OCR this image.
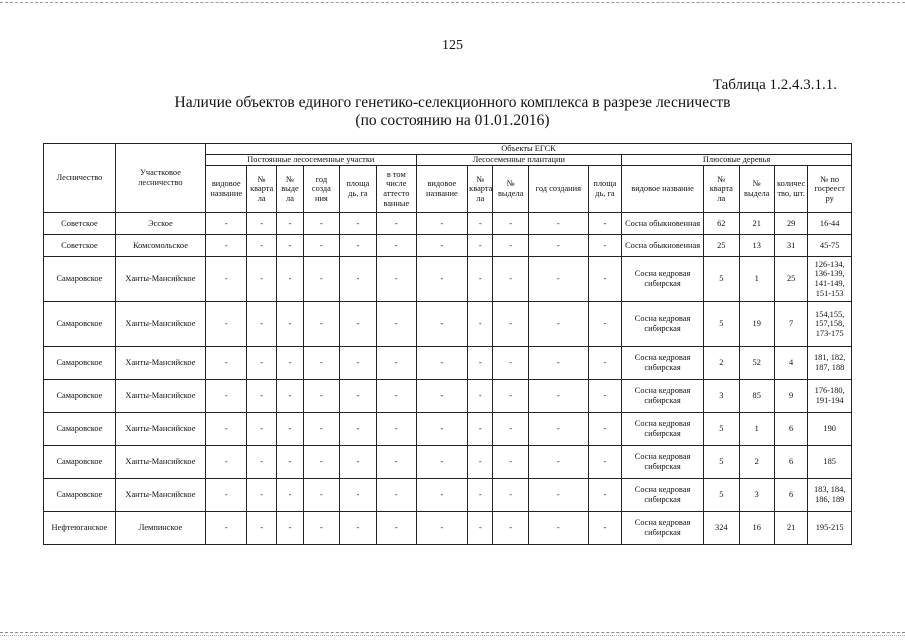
125
Таблица 1.2.4.3.1.1.
Наличие объектов единого генетико-селекционного комплекса в разрезе лесничеств
(по состоянию на 01.01.2016)
Лесничество	Участковое лесничество	Объекты ЕГСК															
		Постоянные лесосеменные участки						Лесосеменные плантации					Плюсовые деревья				
		видовое название	№ кварта ла	№ выде ла	год созда ния	площа дь, га	в том числе аттесто ванные	видовое название	№ кварта ла	№ выдела	год создания	площа дь, га	видовое название	№ кварта ла	№ выдела	количес тво, шт.	№ по госреест ру
Советское	Эсское	-	-	-	-	-	-	-	-	-	-	-	Сосна обыкновенная	62	21	29	16-44
Советское	Комсомольское	-	-	-	-	-	-	-	-	-	-	-	Сосна обыкновенная	25	13	31	45-75
Самаровское	Ханты-Мансийское	-	-	-	-	-	-	-	-	-	-	-	Сосна кедровая сибирская	5	1	25	126-134, 136-139, 141-149, 151-153
Самаровское	Ханты-Мансийское	-	-	-	-	-	-	-	-	-	-	-	Сосна кедровая сибирская	5	19	7	154,155, 157,158, 173-175
Самаровское	Ханты-Мансийское	-	-	-	-	-	-	-	-	-	-	-	Сосна кедровая сибирская	2	52	4	181, 182, 187, 188
Самаровское	Ханты-Мансийское	-	-	-	-	-	-	-	-	-	-	-	Сосна кедровая сибирская	3	85	9	176-180, 191-194
Самаровское	Ханты-Мансийское	-	-	-	-	-	-	-	-	-	-	-	Сосна кедровая сибирская	5	1	6	190
Самаровское	Ханты-Мансийское	-	-	-	-	-	-	-	-	-	-	-	Сосна кедровая сибирская	5	2	6	185
Самаровское	Ханты-Мансийское	-	-	-	-	-	-	-	-	-	-	-	Сосна кедровая сибирская	5	3	6	183, 184, 186, 189
Нефтеюганское	Лемпинское	-	-	-	-	-	-	-	-	-	-	-	Сосна кедровая сибирская	324	16	21	195-215
